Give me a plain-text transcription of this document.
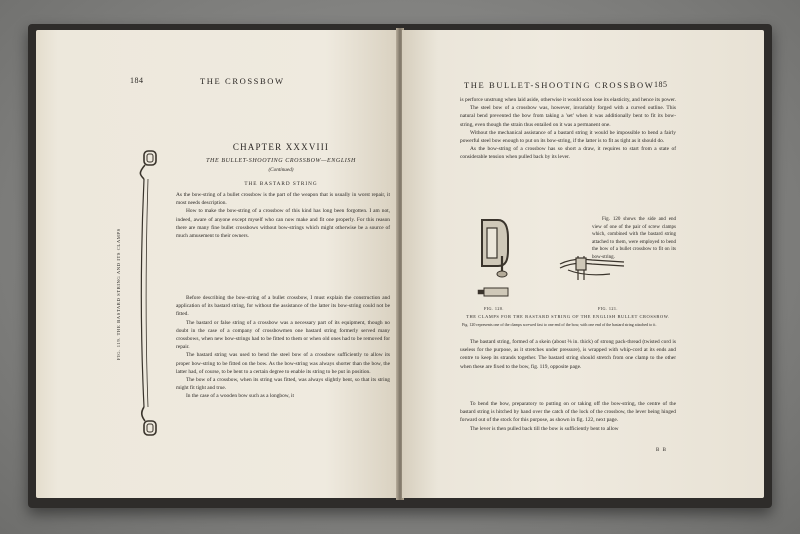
184	THE CROSSBOW
CHAPTER XXXVIII
THE BULLET-SHOOTING CROSSBOW—ENGLISH
(Continued)
THE BASTARD STRING
FIG. 119. THE BASTARD STRING AND ITS CLAMPS

As the bow-string of a bullet crossbow is the part of the weapon that is usually in worst repair, it most needs description.

How to make the bow-string of a crossbow of this kind has long been forgotten. I am not, indeed, aware of anyone except myself who can now make and fit one properly. For this reason there are many fine bullet crossbows without bow-strings which might otherwise be a source of much amusement to their owners.

Before describing the bow-string of a bullet crossbow, I must explain the construction and application of its bastard string, for without the assistance of the latter its bow-string could not be fitted.

The bastard or false string of a crossbow was a necessary part of its equipment, though no doubt in the case of a company of crossbowmen one bastard string formerly served many crossbows, when new bow-strings had to be fitted to them or when old ones had to be removed for repair.

The bastard string was used to bend the steel bow of a crossbow sufficiently to allow its proper bow-string to be fitted on the bow. As the bow-string was always shorter than the bow, the latter had, of course, to be bent to a certain degree to enable its string to be put in position.

The bow of a crossbow, when its string was fitted, was always slightly bent, so that its string might fit tight and true.

In the case of a wooden bow such as a longbow, it

THE BULLET-SHOOTING CROSSBOW 185

is perforce unstrung when laid aside, otherwise it would soon lose its elasticity, and hence its power.

The steel bow of a crossbow was, however, invariably forged with a curved outline. This natural bend prevented the bow from taking a 'set' when it was additionally bent to fit its bow-string, even though the strain thus entailed on it was a permanent one.

Without the mechanical assistance of a bastard string it would be impossible to bend a fairly powerful steel bow enough to put on its bow-string, if the latter is to fit as tight as it should do.

As the bow-string of a crossbow has so short a draw, it requires to start from a state of considerable tension when pulled back by its lever.

Fig. 120 shows the side and end view of one of the pair of screw clamps which, combined with the bastard string attached to them, were employed to bend the bow of a bullet crossbow to fit on its bow-string.

FIG. 120.	FIG. 121.
THE CLAMPS FOR THE BASTARD STRING OF THE ENGLISH BULLET CROSSBOW.
Fig. 120 represents one of the clamps screwed fast to one end of the bow, with one end of the bastard string attached to it.

The bastard string, formed of a skein (about ⅜ in. thick) of strong pack-thread (twisted cord is useless for the purpose, as it stretches under pressure), is wrapped with whip-cord at its ends and centre to keep its strands together. The bastard string should stretch from one clamp to the other when these are fixed to the bow, fig. 119, opposite page.

To bend the bow, preparatory to putting on or taking off the bow-string, the centre of the bastard string is hitched by hand over the catch of the lock of the crossbow, the lever being hinged forward out of the stock for this purpose, as shown in fig. 122, next page.

The lever is then pulled back till the bow is sufficiently bent to allow

B B
